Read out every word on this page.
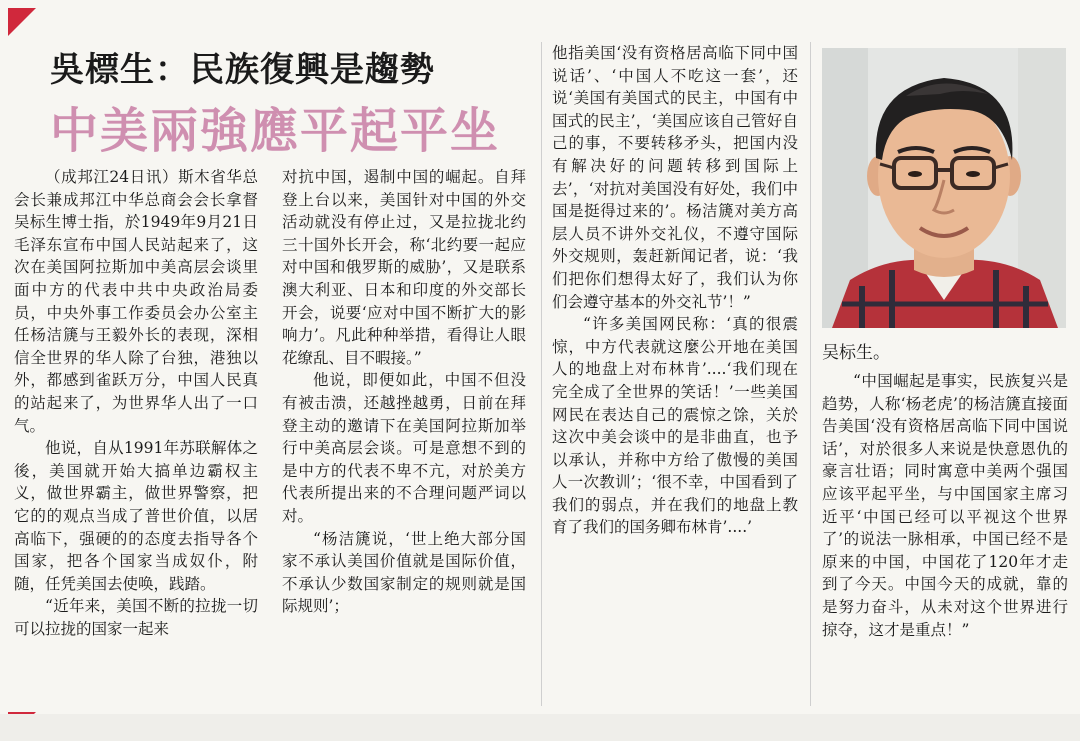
吳標生：民族復興是趨勢
中美兩強應平起平坐

（成邦江24日讯）斯木省华总会长兼成邦江中华总商会会长拿督吴标生博士指，於1949年9月21日毛泽东宣布中国人民站起来了，这次在美国阿拉斯加中美高层会谈里面中方的代表中共中央政治局委员，中央外事工作委员会办公室主任杨洁篪与王毅外长的表现，深相信全世界的华人除了台独，港独以外，都感到雀跃万分，中国人民真的站起来了，为世界华人出了一口气。

他说，自从1991年苏联解体之後，美国就开始大搞单边霸权主义，做世界霸主，做世界警察，把它的的观点当成了普世价值，以居高临下，强硬的的态度去指导各个国家，把各个国家当成奴仆，附随，任凭美国去使唤，践踏。

“近年来，美国不断的拉拢一切可以拉拢的国家一起来

对抗中国，遏制中国的崛起。自拜登上台以来，美国针对中国的外交活动就没有停止过，又是拉拢北约三十国外长开会，称‘北约要一起应对中国和俄罗斯的威胁’，又是联系澳大利亚、日本和印度的外交部长开会，说要‘应对中国不断扩大的影响力’。凡此种种举措，看得让人眼花缭乱、目不暇接。”

他说，即便如此，中国不但没有被击溃，还越挫越勇，日前在拜登主动的邀请下在美国阿拉斯加举行中美高层会谈。可是意想不到的是中方的代表不卑不亢，对於美方代表所提出来的不合理问题严词以对。

“杨洁篪说，‘世上绝大部分国家不承认美国价值就是国际价值，不承认少数国家制定的规则就是国际规则’；

他指美国‘没有资格居高临下同中国说话’、‘中国人不吃这一套’，还说‘美国有美国式的民主，中国有中国式的民主’，‘美国应该自己管好自己的事，不要转移矛头，把国内没有解决好的问题转移到国际上去’，‘对抗对美国没有好处，我们中国是挺得过来的’。杨洁篪对美方高层人员不讲外交礼仪，不遵守国际外交规则，轰赶新闻记者，说：‘我们把你们想得太好了，我们认为你们会遵守基本的外交礼节’！”

“许多美国网民称：‘真的很震惊，中方代表就这麼公开地在美国人的地盘上对布林肯’....‘我们现在完全成了全世界的笑话！’一些美国网民在表达自己的震惊之馀，关於这次中美会谈中的是非曲直，也予以承认，并称中方给了傲慢的美国人一次教训’；‘很不幸，中国看到了我们的弱点，并在我们的地盘上教育了我们的国务卿布林肯’....’

吴标生。

“中国崛起是事实，民族复兴是趋势，人称‘杨老虎’的杨洁篪直接面告美国‘没有资格居高临下同中国说话’，对於很多人来说是快意恩仇的豪言壮语；同时寓意中美两个强国应该平起平坐，与中国国家主席习近平‘中国已经可以平视这个世界了’的说法一脉相承，中国已经不是原来的中国，中国花了120年才走到了今天。中国今天的成就，靠的是努力奋斗，从未对这个世界进行掠夺，这才是重点！”
